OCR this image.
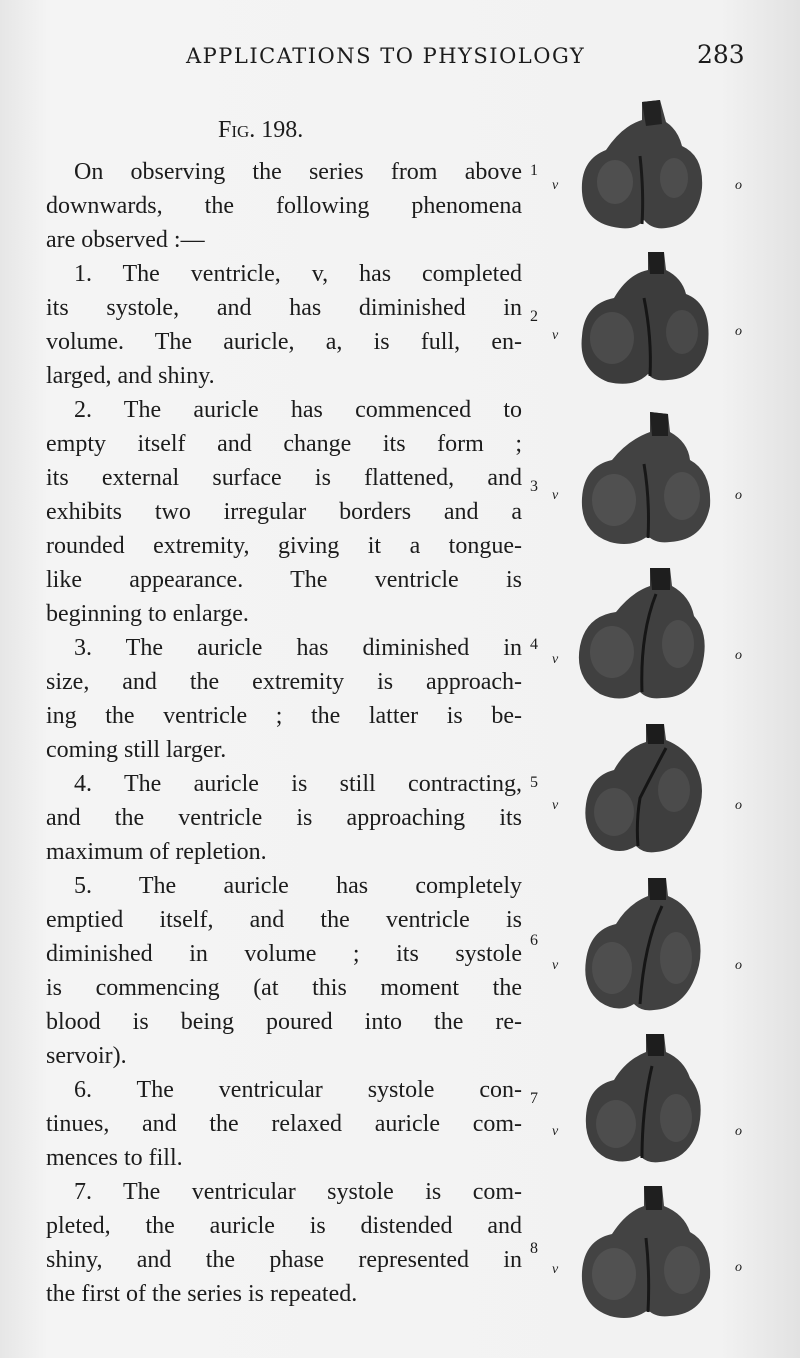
APPLICATIONS TO PHYSIOLOGY	283
Fig. 198.
On observing the series from above
downwards, the following phenomena
are observed :—
1. The ventricle, v, has completed
its systole, and has diminished in
volume. The auricle, a, is full, en-
larged, and shiny.
2. The auricle has commenced to
empty itself and change its form ;
its external surface is flattened, and
exhibits two irregular borders and a
rounded extremity, giving it a tongue-
like appearance. The ventricle is
beginning to enlarge.
3. The auricle has diminished in
size, and the extremity is approach-
ing the ventricle ; the latter is be-
coming still larger.
4. The auricle is still contracting,
and the ventricle is approaching its
maximum of repletion.
5. The auricle has completely
emptied itself, and the ventricle is
diminished in volume ; its systole
is commencing (at this moment the
blood is being poured into the re-
servoir).
6. The ventricular systole con-
tinues, and the relaxed auricle com-
mences to fill.
7. The ventricular systole is com-
pleted, the auricle is distended and
shiny, and the phase represented in
the first of the series is repeated.
1
v	o
2
v	o
3
v	o
4
v	o
5
v	o
6
v	o
7
v	o
8
v	o
